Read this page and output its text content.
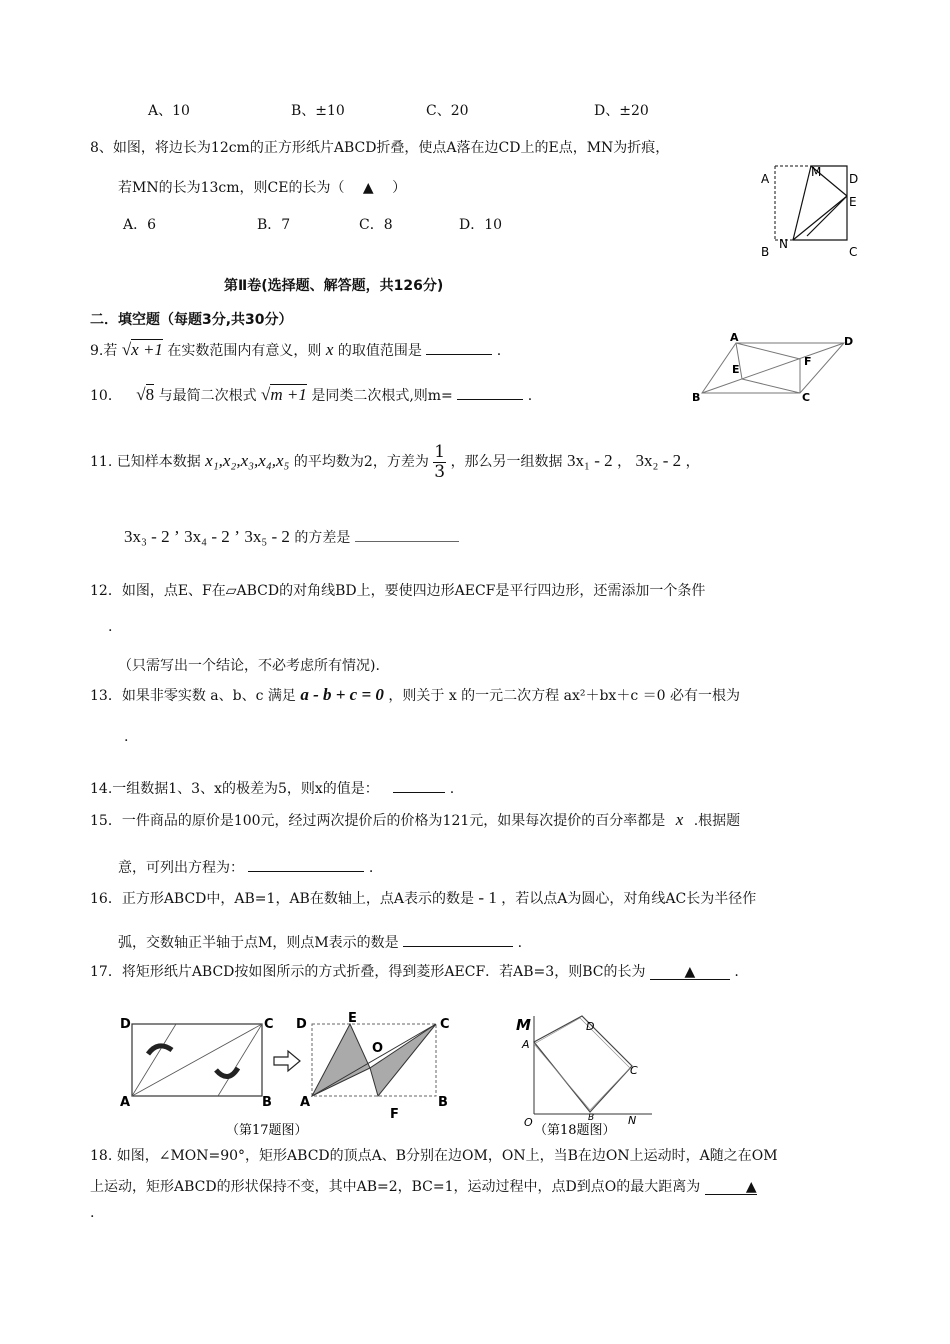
A、10	B、±10	C、20	D、±20
8、如图，将边长为12cm的正方形纸片ABCD折叠，使点A落在边CD上的E点，MN为折痕，
若MN的长为13cm，则CE的长为（ ▲ ）
A．6	B．7	C．8	D．10
A	M D
E
B
N
C
第Ⅱ卷(选择题、解答题，共126分)
二．填空题（每题3分,共30分）
9.若 √x +1 在实数范围内有意义，则 x 的取值范围是	.
10． √8 与最简二次根式 √m +1 是同类二次根式,则m=	.
A	D
E
F
B	C
11. 已知样本数据 x₁,x₂,x₃,x₄,x₅ 的平均数为2，方差为 $\frac{1}{3}$ ，那么另一组数据 3x₁ - 2 ， 3x₂ - 2 ，
3x₃ - 2 ’ 3x₄ - 2 ’ 3x₅ - 2 的方差是
12．如图，点E、F在▱ABCD的对角线BD上，要使四边形AECF是平行四边形，还需添加一个条件
.
（只需写出一个结论，不必考虑所有情况).
13．如果非零实数 a、b、c 满足 a - b + c = 0 ，则关于 x 的一元二次方程 ax²＋bx＋c ＝0 必有一根为
.
14.一组数据1、3、x的极差为5，则x的值是：	.
15．一件商品的原价是100元，经过两次提价后的价格为121元，如果每次提价的百分率都是 x .根据题
意，可列出方程为：	.
16．正方形ABCD中，AB=1，AB在数轴上，点A表示的数是 - 1 ，若以点A为圆心，对角线AC长为半径作
弧，交数轴正半轴于点M，则点M表示的数是	.
17．将矩形纸片ABCD按如图所示的方式折叠，得到菱形AECF．若AB=3，则BC的长为	▲	.
D	C
A	B
D	E	C
O
A	B
F
（第17题图）
M
A
D
C
O	B	N
（第18题图）
18. 如图，∠MON=90°，矩形ABCD的顶点A、B分别在边OM，ON上，当B在边ON上运动时，A随之在OM
上运动，矩形ABCD的形状保持不变，其中AB=2，BC=1，运动过程中，点D到点O的最大距离为	▲
.
